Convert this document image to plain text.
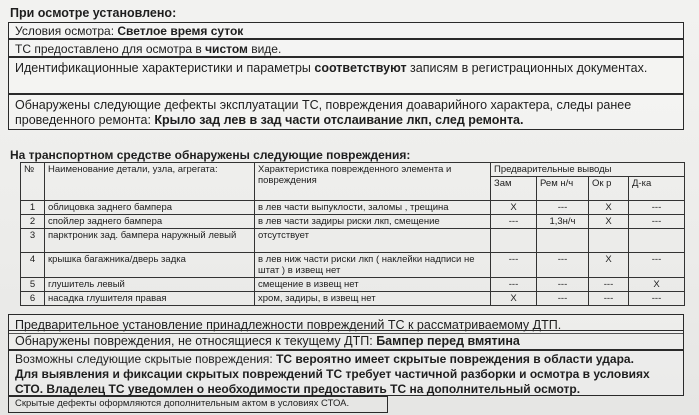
При осмотре установлено:
Условия осмотра: Светлое время суток
ТС предоставлено для осмотра в чистом виде.
Идентификационные характеристики и параметры соответствуют записям в регистрационных документах.
Обнаружены следующие дефекты эксплуатации ТС, повреждения доаварийного характера, следы ранее проведенного ремонта: Крыло зад лев в зад части отслаивание лкп, след ремонта.
На транспортном средстве обнаружены следующие повреждения:
№	Наименование детали, узла, агрегата:	Характеристика поврежденного элемента и повреждения	Предварительные выводы			
			Зам	Рем н/ч	Ок р	Д-ка
1	облицовка заднего бампера	в лев части выпуклости, заломы , трещина	X	---	X	---
2	спойлер заднего бампера	в лев части задиры риски лкп, смещение	---	1,3н/ч	X	---
3	парктроник зад. бампера наружный левый	отсутствует				
4	крышка багажника/дверь задка	в лев ниж части риски лкп ( наклейки надписи не штат ) в извещ нет	---	---	X	---
5	глушитель левый	смещение в извещ нет	---	---	---	X
6	насадка глушителя правая	хром, задиры, в извещ нет	X	---	---	---
Предварительное установление принадлежности повреждений ТС к рассматриваемому ДТП.
Обнаружены повреждения, не относящиеся к текущему ДТП: Бампер перед вмятина
Возможны следующие скрытые повреждения: ТС вероятно имеет скрытые повреждения в области удара.
Для выявления и фиксации скрытых повреждений ТС требует частичной разборки и осмотра в условиях СТО. Владелец ТС уведомлен о необходимости предоставить ТС на дополнительный осмотр.
Скрытые дефекты оформляются дополнительным актом в условиях СТОА.
